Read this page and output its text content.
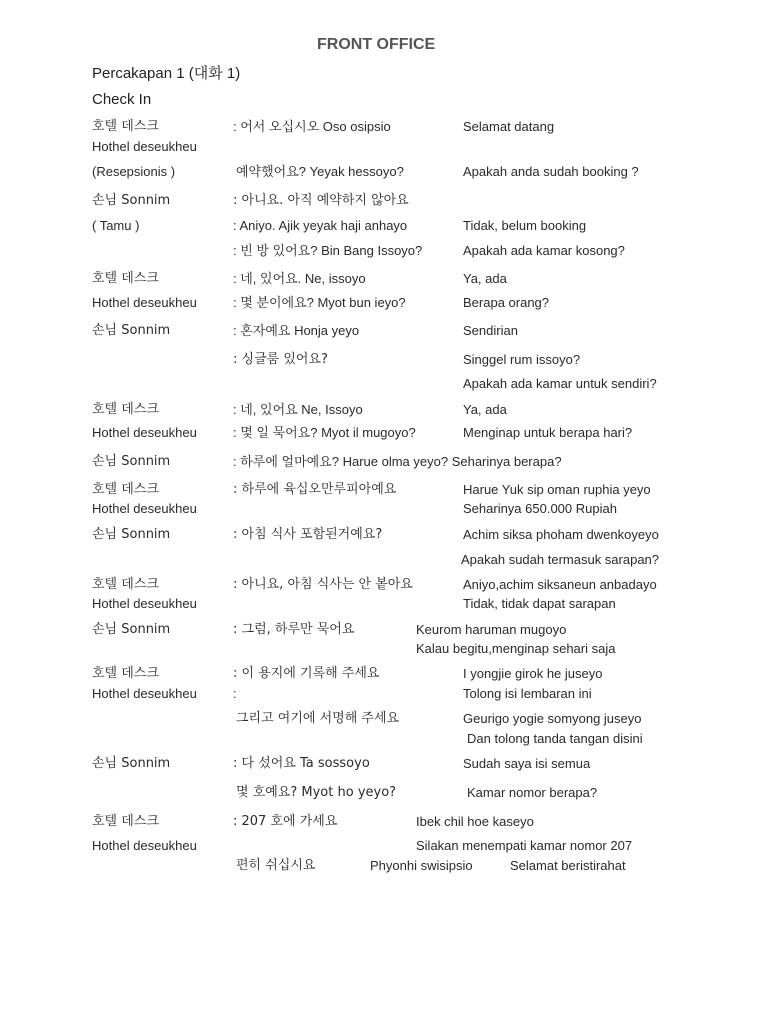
FRONT OFFICE
Percakapan 1 (대화 1)
Check In
호텔 데스크	: 어서 오십시오 Oso osipsio	Selamat datang
Hothel deseukheu
(Resepsionis )	예약했어요? Yeyak hessoyo?	Apakah anda sudah booking ?
손님 Sonnim	: 아니요. 아직 예약하지 않아요
( Tamu )	: Aniyo. Ajik yeyak haji anhayo	Tidak, belum booking
: 빈 방 있어요? Bin Bang Issoyo?	Apakah ada kamar kosong?
호텔 데스크	: 네, 있어요. Ne, issoyo	Ya, ada
Hothel deseukheu	: 몇 분이에요? Myot bun ieyo?	Berapa orang?
손님 Sonnim	: 혼자예요 Honja yeyo	Sendirian
: 싱글룸 있어요?	Singgel rum issoyo?
Apakah ada kamar untuk sendiri?
호텔 데스크	: 네, 있어요 Ne, Issoyo	Ya, ada
Hothel deseukheu	: 몇 일 묵어요? Myot il mugoyo?	Menginap untuk berapa hari?
손님 Sonnim	: 하루에 얼마예요? Harue olma yeyo? Seharinya berapa?
호텔 데스크	: 하루에 육십오만루피아예요	Harue Yuk sip oman ruphia yeyo
Hothel deseukheu	Seharinya 650.000 Rupiah
손님 Sonnim	: 아침 식사 포함된거예요?	Achim siksa phoham dwenkoyeyo
Apakah sudah termasuk sarapan?
호텔 데스크	: 아니요, 아침 식사는 안 봍아요	Aniyo,achim siksaneun anbadayo
Hothel deseukheu	Tidak, tidak dapat sarapan
손님 Sonnim	: 그럼, 하루만 묵어요	Keurom haruman mugoyo
Kalau begitu,menginap sehari saja
호텔 데스크	: 이 용지에 기록해 주세요	I yongjie girok he juseyo
Hothel deseukheu	:	Tolong isi lembaran ini
그리고 여기에 서명해 주세요	Geurigo yogie somyong juseyo
Dan tolong tanda tangan disini
손님 Sonnim	: 다 섰어요 Ta sossoyo	Sudah saya isi semua
몇 호예요? Myot ho yeyo?	Kamar nomor berapa?
호텔 데스크	: 207 호에 가세요	Ibek chil hoe kaseyo
Hothel deseukheu	Silakan menempati kamar nomor 207
편히 쉬십시요	Phyonhi swisipsio	Selamat beristirahat
